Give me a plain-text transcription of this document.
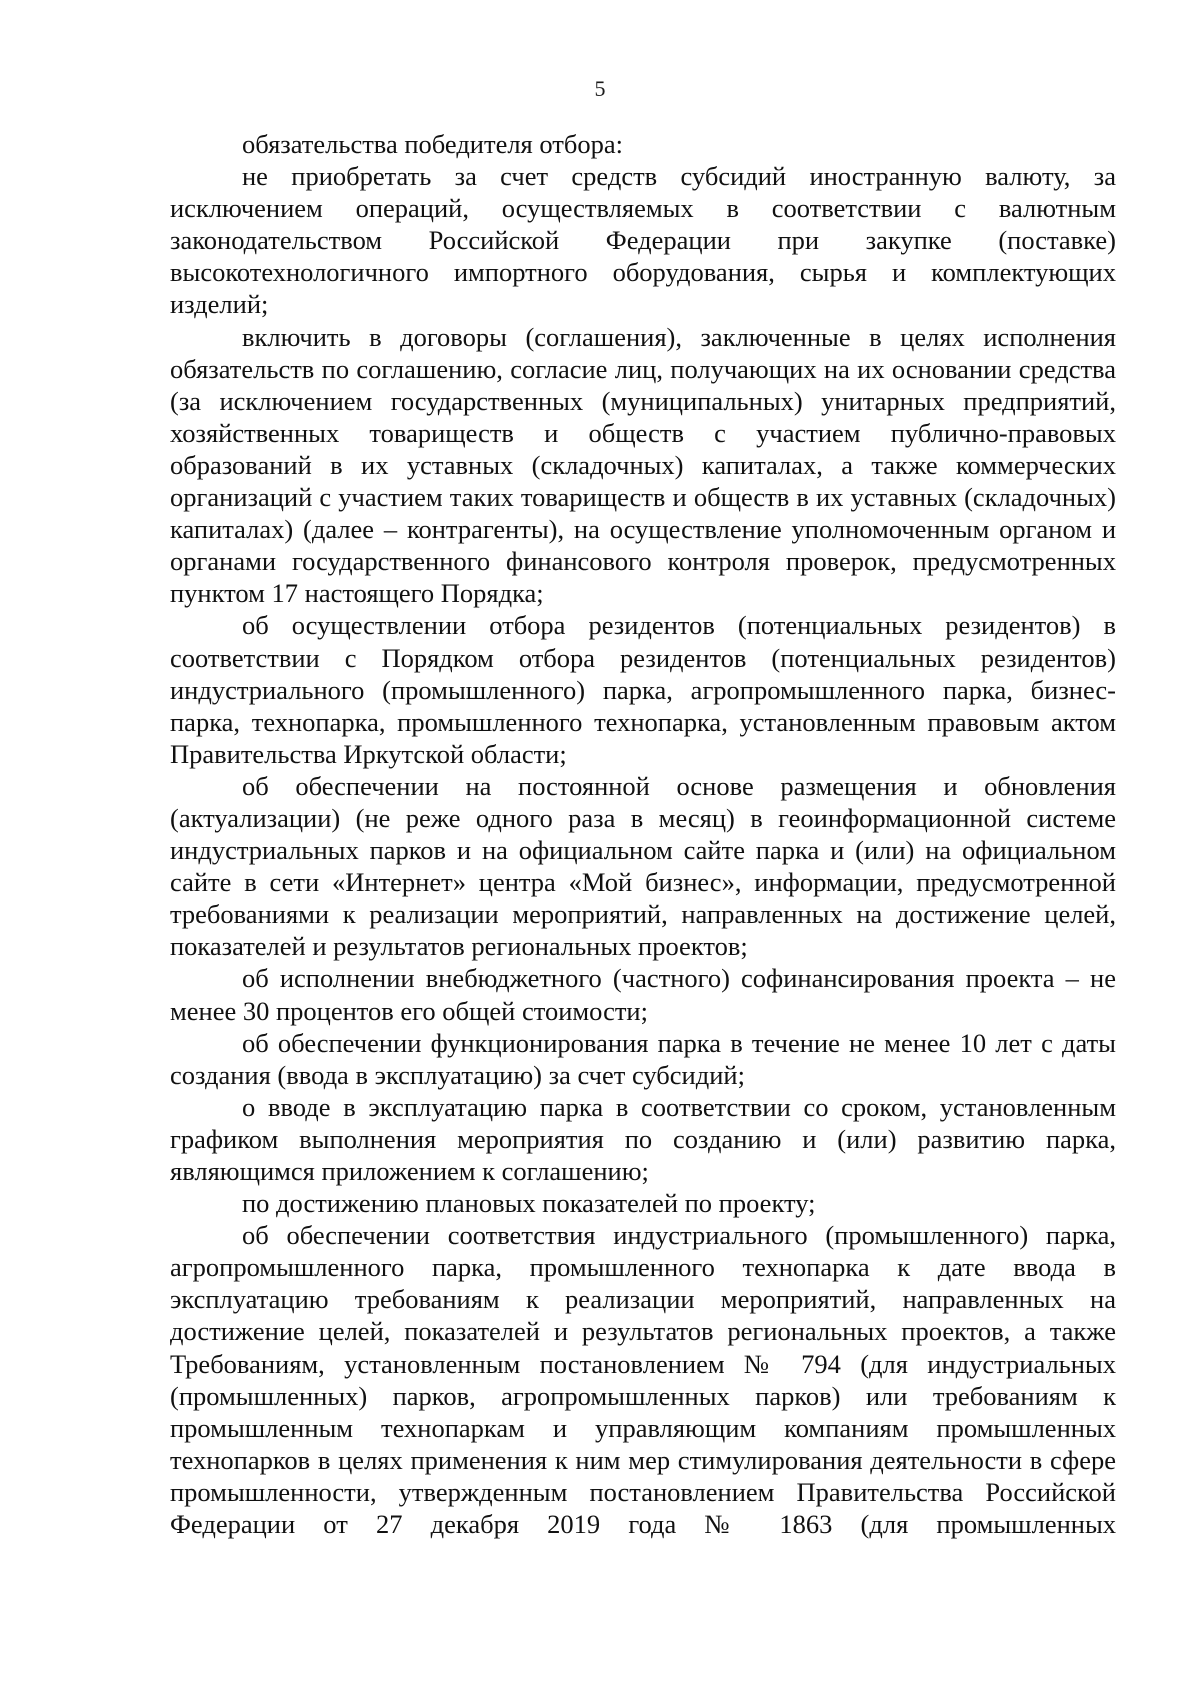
5

обязательства победителя отбора:

не приобретать за счет средств субсидий иностранную валюту, за исключением операций, осуществляемых в соответствии с валютным законодательством Российской Федерации при закупке (поставке) высокотехнологичного импортного оборудования, сырья и комплектующих изделий;

включить в договоры (соглашения), заключенные в целях исполнения обязательств по соглашению, согласие лиц, получающих на их основании средства (за исключением государственных (муниципальных) унитарных предприятий, хозяйственных товариществ и обществ с участием публично-правовых образований в их уставных (складочных) капиталах, а также коммерческих организаций с участием таких товариществ и обществ в их уставных (складочных) капиталах) (далее – контрагенты), на осуществление уполномоченным органом и органами государственного финансового контроля проверок, предусмотренных пунктом 17 настоящего Порядка;

об осуществлении отбора резидентов (потенциальных резидентов) в соответствии с Порядком отбора резидентов (потенциальных резидентов) индустриального (промышленного) парка, агропромышленного парка, бизнес-парка, технопарка, промышленного технопарка, установленным правовым актом Правительства Иркутской области;

об обеспечении на постоянной основе размещения и обновления (актуализации) (не реже одного раза в месяц) в геоинформационной системе индустриальных парков и на официальном сайте парка и (или) на официальном сайте в сети «Интернет» центра «Мой бизнес», информации, предусмотренной требованиями к реализации мероприятий, направленных на достижение целей, показателей и результатов региональных проектов;

об исполнении внебюджетного (частного) софинансирования проекта – не менее 30 процентов его общей стоимости;

об обеспечении функционирования парка в течение не менее 10 лет с даты создания (ввода в эксплуатацию) за счет субсидий;

о вводе в эксплуатацию парка в соответствии со сроком, установленным графиком выполнения мероприятия по созданию и (или) развитию парка, являющимся приложением к соглашению;

по достижению плановых показателей по проекту;

об обеспечении соответствия индустриального (промышленного) парка, агропромышленного парка, промышленного технопарка к дате ввода в эксплуатацию требованиям к реализации мероприятий, направленных на достижение целей, показателей и результатов региональных проектов, а также Требованиям, установленным постановлением № 794 (для индустриальных (промышленных) парков, агропромышленных парков) или требованиям к промышленным технопаркам и управляющим компаниям промышленных технопарков в целях применения к ним мер стимулирования деятельности в сфере промышленности, утвержденным постановлением Правительства Российской Федерации от 27 декабря 2019 года № 1863 (для промышленных
